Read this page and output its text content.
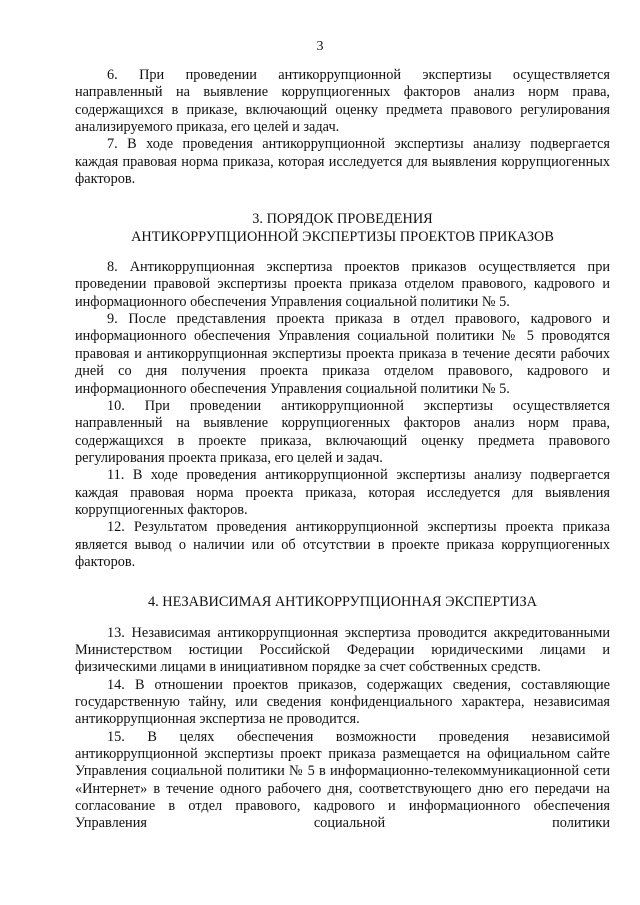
3

6. При проведении антикоррупционной экспертизы осуществляется направленный на выявление коррупциогенных факторов анализ норм права, содержащихся в приказе, включающий оценку предмета правового регулирования анализируемого приказа, его целей и задач.

7. В ходе проведения антикоррупционной экспертизы анализу подвергается каждая правовая норма приказа, которая исследуется для выявления коррупциогенных факторов.

3. ПОРЯДОК ПРОВЕДЕНИЯ
АНТИКОРРУПЦИОННОЙ ЭКСПЕРТИЗЫ ПРОЕКТОВ ПРИКАЗОВ

8. Антикоррупционная экспертиза проектов приказов осуществляется при проведении правовой экспертизы проекта приказа отделом правового, кадрового и информационного обеспечения Управления социальной политики № 5.

9. После представления проекта приказа в отдел правового, кадрового и информационного обеспечения Управления социальной политики № 5 проводятся правовая и антикоррупционная экспертизы проекта приказа в течение десяти рабочих дней со дня получения проекта приказа отделом правового, кадрового и информационного обеспечения Управления социальной политики № 5.

10. При проведении антикоррупционной экспертизы осуществляется направленный на выявление коррупциогенных факторов анализ норм права, содержащихся в проекте приказа, включающий оценку предмета правового регулирования проекта приказа, его целей и задач.

11. В ходе проведения антикоррупционной экспертизы анализу подвергается каждая правовая норма проекта приказа, которая исследуется для выявления коррупциогенных факторов.

12. Результатом проведения антикоррупционной экспертизы проекта приказа является вывод о наличии или об отсутствии в проекте приказа коррупциогенных факторов.

4. НЕЗАВИСИМАЯ АНТИКОРРУПЦИОННАЯ ЭКСПЕРТИЗА

13. Независимая антикоррупционная экспертиза проводится аккредитованными Министерством юстиции Российской Федерации юридическими лицами и физическими лицами в инициативном порядке за счет собственных средств.

14. В отношении проектов приказов, содержащих сведения, составляющие государственную тайну, или сведения конфиденциального характера, независимая антикоррупционная экспертиза не проводится.

15. В целях обеспечения возможности проведения независимой антикоррупционной экспертизы проект приказа размещается на официальном сайте Управления социальной политики № 5 в информационно-телекоммуникационной сети «Интернет» в течение одного рабочего дня, соответствующего дню его передачи на согласование в отдел правового, кадрового и информационного обеспечения Управления социальной политики
